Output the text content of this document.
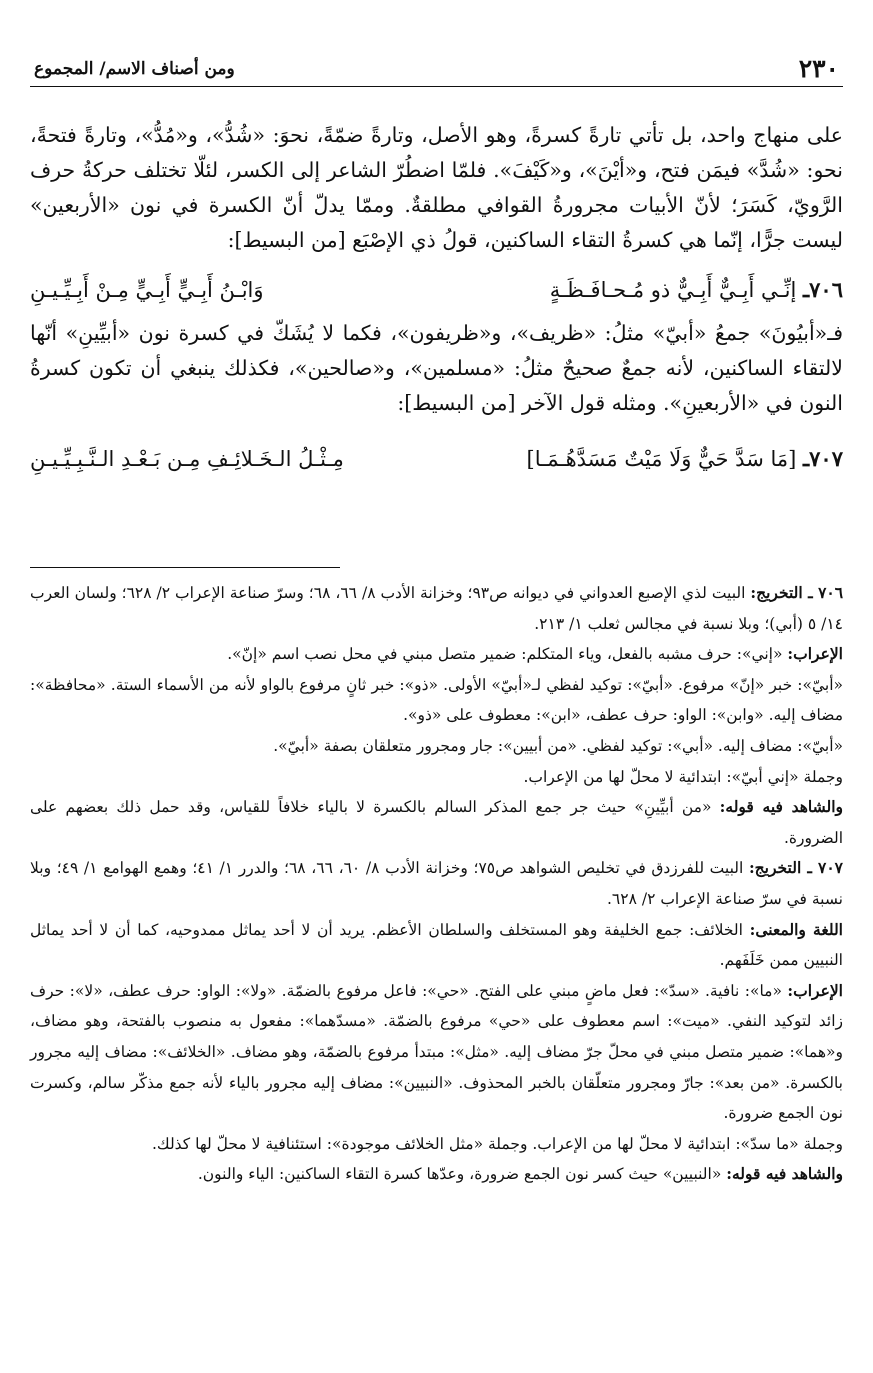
٢٣٠
ومن أصناف الاسم/ المجموع

على منهاج واحد، بل تأتي تارةً كسرةً، وهو الأصل، وتارةً ضمّةً، نحوَ: «شُدُّ»، و«مُدُّ»، وتارةً فتحةً، نحو: «شُدَّ» فيمَن فتح، و«أيْنَ»، و«كَيْفَ». فلمّا اضطُرّ الشاعر إلى الكسر، لئلّا تختلف حركةُ حرف الرَّويّ، كَسَرَ؛ لأنّ الأبيات مجرورةُ القوافي مطلقةٌ. وممّا يدلّ أنّ الكسرة في نون «الأربعين» ليست جرًّا، إنّما هي كسرةُ التقاء الساكنين، قولُ ذي الإصْبَع [من البسيط]:

٧٠٦ـ إنِّـي أَبِـيٌّ أَبِـيٌّ ذو مُـحـافَـظَـةٍ
وَابْـنُ أَبِـيٍّ أَبِـيٍّ مِـنْ أَبِـيِّـيـنِ

فـ«أبيُونَ» جمعُ «أبيّ» مثلُ: «ظريف»، و«ظريفون»، فكما لا يُشَكّ في كسرة نون «أبيِّينِ» أنّها لالتقاء الساكنين، لأنه جمعٌ صحيحٌ مثلُ: «مسلمين»، و«صالحين»، فكذلك ينبغي أن تكون كسرةُ النون في «الأربعينِ». ومثله قول الآخر [من البسيط]:

٧٠٧ـ [مَا سَدَّ حَيٌّ وَلَا مَيْتٌ مَسَدَّهُـمَـا]
مِـثْـلُ الـخَـلائِـفِ مِـن بَـعْـدِ الـنَّـبِـيِّـيـنِ

٧٠٦ ـ التخريج: البيت لذي الإصبع العدواني في ديوانه ص٩٣؛ وخزانة الأدب ٨/ ٦٦، ٦٨؛ وسرّ صناعة الإعراب ٢/ ٦٢٨؛ ولسان العرب ١٤/ ٥ (أبي)؛ وبلا نسبة في مجالس ثعلب ١/ ٢١٣.

الإعراب: «إني»: حرف مشبه بالفعل، وياء المتكلم: ضمير متصل مبني في محل نصب اسم «إنّ».

«أبيّ»: خبر «إنّ» مرفوع. «أبيّ»: توكيد لفظي لـ«أبيّ» الأولى. «ذو»: خبر ثانٍ مرفوع بالواو لأنه من الأسماء الستة. «محافظة»: مضاف إليه. «وابن»: الواو: حرف عطف، «ابن»: معطوف على «ذو».

«أبيّ»: مضاف إليه. «أبي»: توكيد لفظي. «من أبيين»: جار ومجرور متعلقان بصفة «أبيّ».

وجملة «إني أبيّ»: ابتدائية لا محلّ لها من الإعراب.

والشاهد فيه قوله: «من أبيِّينِ» حيث جر جمع المذكر السالم بالكسرة لا بالياء خلافاً للقياس، وقد حمل ذلك بعضهم على الضرورة.

٧٠٧ ـ التخريج: البيت للفرزدق في تخليص الشواهد ص٧٥؛ وخزانة الأدب ٨/ ٦٠، ٦٦، ٦٨؛ والدرر ١/ ٤١؛ وهمع الهوامع ١/ ٤٩؛ وبلا نسبة في سرّ صناعة الإعراب ٢/ ٦٢٨.

اللغة والمعنى: الخلائف: جمع الخليفة وهو المستخلف والسلطان الأعظم. يريد أن لا أحد يماثل ممدوحيه، كما أن لا أحد يماثل النبيين ممن خَلَفَهم.

الإعراب: «ما»: نافية. «سدّ»: فعل ماضٍ مبني على الفتح. «حي»: فاعل مرفوع بالضمّة. «ولا»: الواو: حرف عطف، «لا»: حرف زائد لتوكيد النفي. «ميت»: اسم معطوف على «حي» مرفوع بالضمّة. «مسدّهما»: مفعول به منصوب بالفتحة، وهو مضاف، و«هما»: ضمير متصل مبني في محلّ جرّ مضاف إليه. «مثل»: مبتدأ مرفوع بالضمّة، وهو مضاف. «الخلائف»: مضاف إليه مجرور بالكسرة. «من بعد»: جارّ ومجرور متعلّقان بالخبر المحذوف. «النبيين»: مضاف إليه مجرور بالياء لأنه جمع مذكّر سالم، وكسرت نون الجمع ضرورة.

وجملة «ما سدّ»: ابتدائية لا محلّ لها من الإعراب. وجملة «مثل الخلائف موجودة»: استئنافية لا محلّ لها كذلك.

والشاهد فيه قوله: «النبيين» حيث كسر نون الجمع ضرورة، وعدّها كسرة التقاء الساكنين: الياء والنون.
